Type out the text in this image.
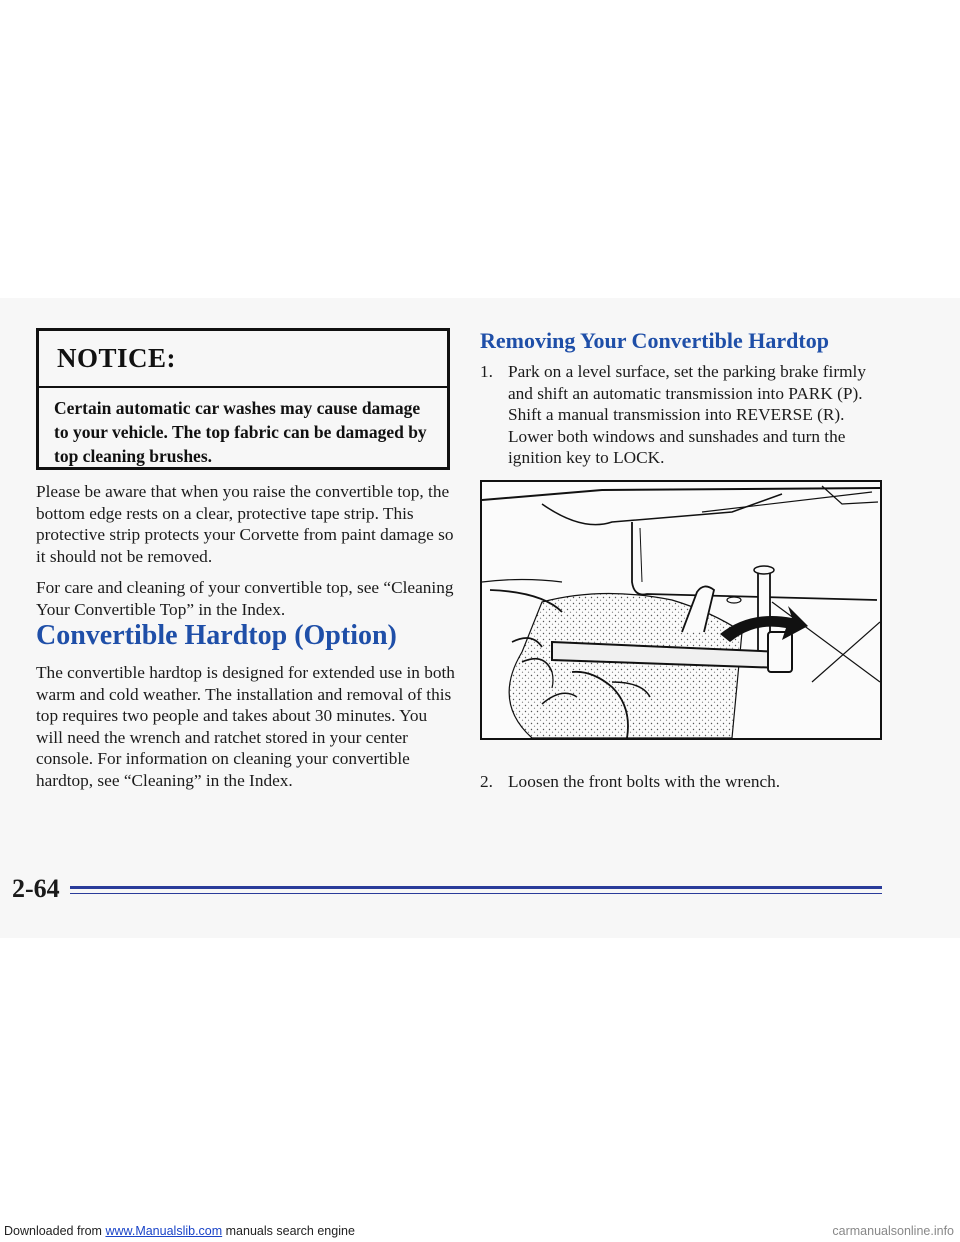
NOTICE:
Certain automatic car washes may cause damage to your vehicle. The top fabric can be damaged by top cleaning brushes.
Please be aware that when you raise the convertible top, the bottom edge rests on a clear, protective tape strip. This protective strip protects your Corvette from paint damage so it should not be removed.
For care and cleaning of your convertible top, see “Cleaning Your Convertible Top” in the Index.
Convertible Hardtop (Option)
The convertible hardtop is designed for extended use in both warm and cold weather. The installation and removal of this top requires two people and takes about 30 minutes. You will need the wrench and ratchet stored in your center console. For information on cleaning your convertible hardtop, see “Cleaning” in the Index.
Removing Your Convertible Hardtop
1. Park on a level surface, set the parking brake firmly and shift an automatic transmission into PARK (P). Shift a manual transmission into REVERSE (R). Lower both windows and sunshades and turn the ignition key to LOCK.
2. Loosen the front bolts with the wrench.
2-64
Downloaded from www.Manualslib.com manuals search engine	carmanualsonline.info
